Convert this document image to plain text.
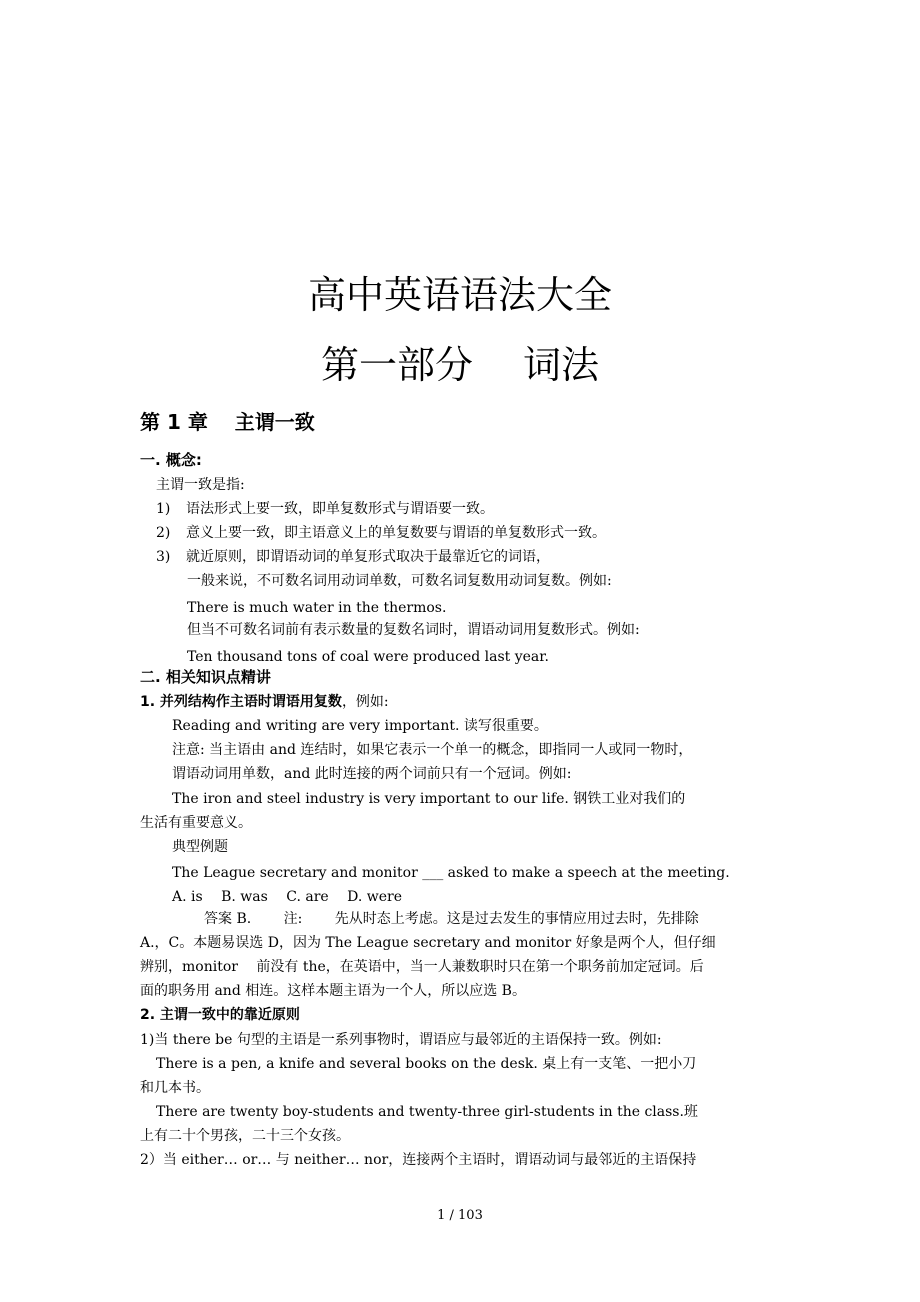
高中英语语法大全
第一部分　 词法
第 1 章　 主谓一致
一. 概念:
主谓一致是指:
1) 语法形式上要一致，即单复数形式与谓语要一致。
2) 意义上要一致，即主语意义上的单复数要与谓语的单复数形式一致。
3) 就近原则，即谓语动词的单复形式取决于最靠近它的词语，
一般来说，不可数名词用动词单数，可数名词复数用动词复数。例如:
There is much water in the thermos.
但当不可数名词前有表示数量的复数名词时，谓语动词用复数形式。例如:
Ten thousand tons of coal were produced last year.
二. 相关知识点精讲
1. 并列结构作主语时谓语用复数，例如:
Reading and writing are very important. 读写很重要。
注意: 当主语由 and 连结时，如果它表示一个单一的概念，即指同一人或同一物时，
谓语动词用单数，and 此时连接的两个词前只有一个冠词。例如:
The iron and steel industry is very important to our life. 钢铁工业对我们的
生活有重要意义。
典型例题
The League secretary and monitor ___ asked to make a speech at the meeting.
A. is　 B. was　 C. are　 D. were
答案 B.　　 注:　　 先从时态上考虑。这是过去发生的事情应用过去时，先排除
A.，C。本题易误选 D，因为 The League secretary and monitor 好象是两个人，但仔细
辨别，monitor　 前没有 the，在英语中，当一人兼数职时只在第一个职务前加定冠词。后
面的职务用 and 相连。这样本题主语为一个人，所以应选 B。
2. 主谓一致中的靠近原则
1)当 there be 句型的主语是一系列事物时，谓语应与最邻近的主语保持一致。例如:
There is a pen, a knife and several books on the desk. 桌上有一支笔、一把小刀
和几本书。
There are twenty boy-students and twenty-three girl-students in the class.班
上有二十个男孩，二十三个女孩。
2）当 either… or… 与 neither… nor，连接两个主语时，谓语动词与最邻近的主语保持
1 / 103
